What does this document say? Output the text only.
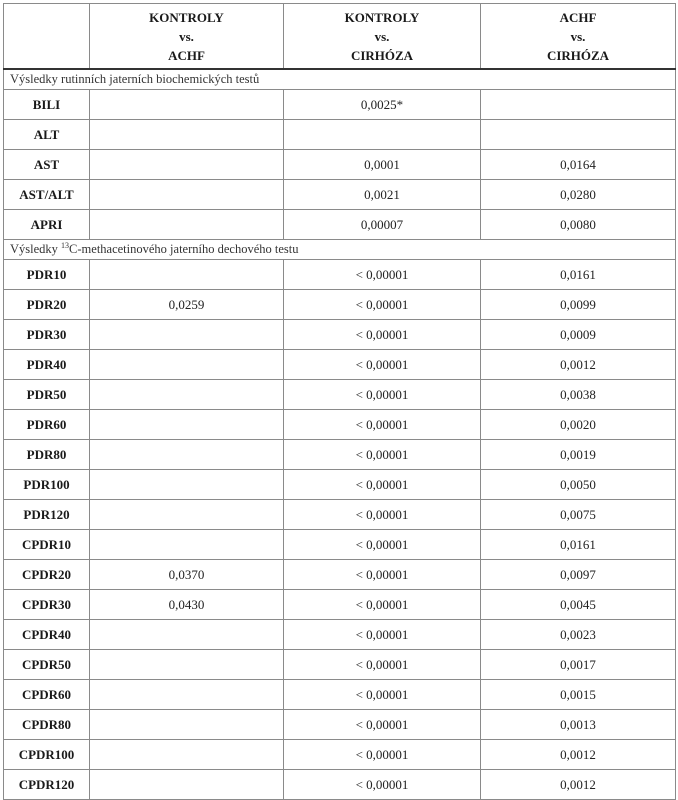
	KONTROLY
vs.
ACHF	KONTROLY
vs.
CIRHÓZA	ACHF
vs.
CIRHÓZA

Výsledky rutinních jaterních biochemických testů			
BILI		0,0025*	
ALT			
AST		0,0001	0,0164
AST/ALT		0,0021	0,0280
APRI		0,00007	0,0080
Výsledky $^{13}$C-methacetinového jaterního dechového testu			
PDR10		< 0,00001	0,0161
PDR20	0,0259	< 0,00001	0,0099
PDR30		< 0,00001	0,0009
PDR40		< 0,00001	0,0012
PDR50		< 0,00001	0,0038
PDR60		< 0,00001	0,0020
PDR80		< 0,00001	0,0019
PDR100		< 0,00001	0,0050
PDR120		< 0,00001	0,0075
CPDR10		< 0,00001	0,0161
CPDR20	0,0370	< 0,00001	0,0097
CPDR30	0,0430	< 0,00001	0,0045
CPDR40		< 0,00001	0,0023
CPDR50		< 0,00001	0,0017
CPDR60		< 0,00001	0,0015
CPDR80		< 0,00001	0,0013
CPDR100		< 0,00001	0,0012
CPDR120		< 0,00001	0,0012
